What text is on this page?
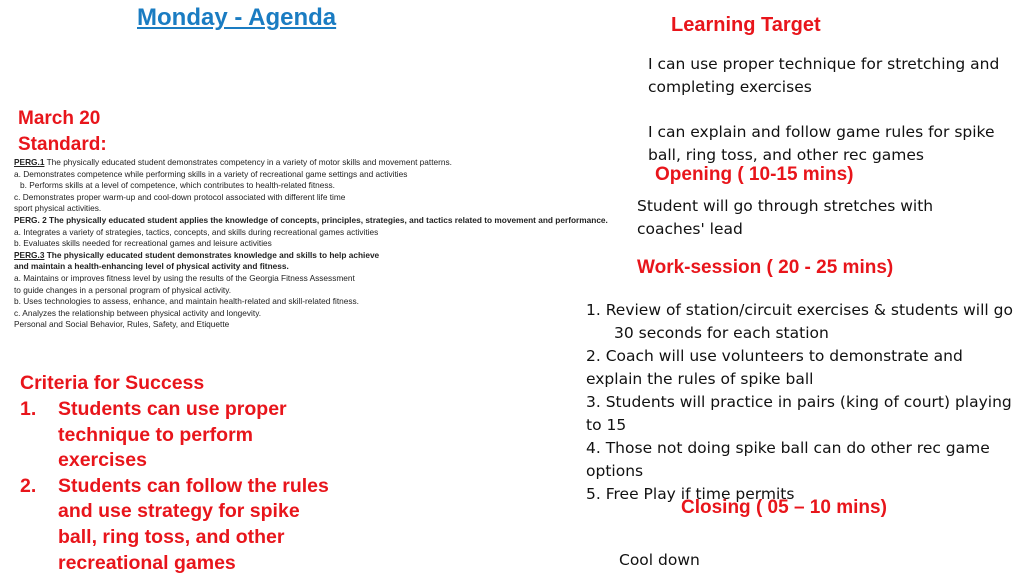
Monday - Agenda	Learning Target
I can use proper technique for stretching and completing exercises
I can explain and follow game rules for spike ball, ring toss, and other rec games
March 20
Standard:
PERG.1 The physically educated student demonstrates competency in a variety of motor skills and movement patterns.
a. Demonstrates competence while performing skills in a variety of recreational game settings and activities
b. Performs skills at a level of competence, which contributes to health-related fitness.
c. Demonstrates proper warm-up and cool-down protocol associated with different life time
sport physical activities.
PERG. 2 The physically educated student applies the knowledge of concepts, principles, strategies, and tactics related to movement and performance.
a. Integrates a variety of strategies, tactics, concepts, and skills during recreational games activities
b. Evaluates skills needed for recreational games and leisure activities
PERG.3 The physically educated student demonstrates knowledge and skills to help achieve
and maintain a health-enhancing level of physical activity and fitness.
a. Maintains or improves fitness level by using the results of the Georgia Fitness Assessment
to guide changes in a personal program of physical activity.
b. Uses technologies to assess, enhance, and maintain health-related and skill-related fitness.
c. Analyzes the relationship between physical activity and longevity.
Personal and Social Behavior, Rules, Safety, and Etiquette
Opening ( 10-15 mins)
Student will go through stretches with coaches' lead
Work-session ( 20 - 25 mins)
1. Review of station/circuit exercises & students will go 30 seconds for each station
2. Coach will use volunteers to demonstrate and explain the rules of spike ball
3. Students will practice in pairs (king of court) playing to 15
4. Those not doing spike ball can do other rec game options
5. Free Play if time permits
Closing ( 05 – 10 mins)
Cool down
Criteria for Success
1. Students can use proper technique to perform exercises
2. Students can follow the rules and use strategy for spike ball, ring toss, and other recreational games
